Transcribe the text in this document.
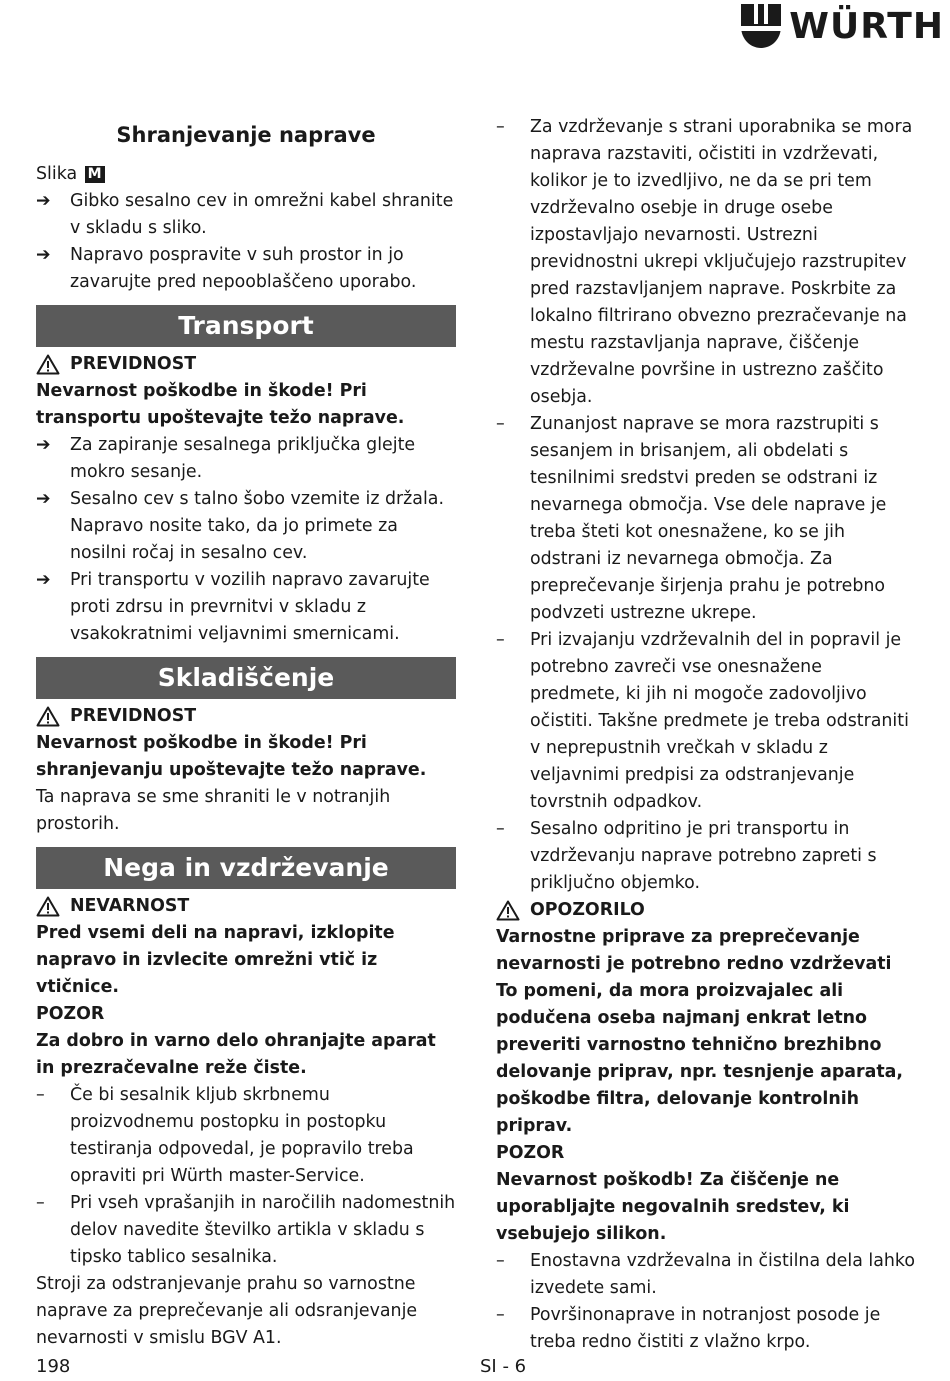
WÜRTH
Shranjevanje naprave
Slika M
➔	Gibko sesalno cev in omrežni kabel shranite v skladu s sliko.
➔	Napravo pospravite v suh prostor in jo zavarujte pred nepooblaščeno uporabo.
Transport
PREVIDNOST
Nevarnost poškodbe in škode! Pri transportu upoštevajte težo naprave.
➔	Za zapiranje sesalnega priključka glejte mokro sesanje.
➔	Sesalno cev s talno šobo vzemite iz držala. Napravo nosite tako, da jo primete za nosilni ročaj in sesalno cev.
➔	Pri transportu v vozilih napravo zavarujte proti zdrsu in prevrnitvi v skladu z vsakokratnimi veljavnimi smernicami.
Skladiščenje
PREVIDNOST
Nevarnost poškodbe in škode! Pri shranjevanju upoštevajte težo naprave.
Ta naprava se sme shraniti le v notranjih prostorih.
Nega in vzdrževanje
NEVARNOST
Pred vsemi deli na napravi, izklopite napravo in izvlecite omrežni vtič iz vtičnice.
POZOR
Za dobro in varno delo ohranjajte aparat in prezračevalne reže čiste.
–	Če bi sesalnik kljub skrbnemu proizvodnemu postopku in postopku testiranja odpovedal, je popravilo treba opraviti pri Würth master-Service.
–	Pri vseh vprašanjih in naročilih nadomestnih delov navedite številko artikla v skladu s tipsko tablico sesalnika.
Stroji za odstranjevanje prahu so varnostne naprave za preprečevanje ali odsranjevanje nevarnosti v smislu BGV A1.
–	Za vzdrževanje s strani uporabnika se mora naprava razstaviti, očistiti in vzdrževati, kolikor je to izvedljivo, ne da se pri tem vzdrževalno osebje in druge osebe izpostavljajo nevarnosti. Ustrezni previdnostni ukrepi vključujejo razstrupitev pred razstavljanjem naprave. Poskrbite za lokalno filtrirano obvezno prezračevanje na mestu razstavljanja naprave, čiščenje vzdrževalne površine in ustrezno zaščito osebja.
–	Zunanjost naprave se mora razstrupiti s sesanjem in brisanjem, ali obdelati s tesnilnimi sredstvi preden se odstrani iz nevarnega območja. Vse dele naprave je treba šteti kot onesnažene, ko se jih odstrani iz nevarnega območja. Za preprečevanje širjenja prahu je potrebno podvzeti ustrezne ukrepe.
–	Pri izvajanju vzdrževalnih del in popravil je potrebno zavreči vse onesnažene predmete, ki jih ni mogoče zadovoljivo očistiti. Takšne predmete je treba odstraniti v neprepustnih vrečkah v skladu z veljavnimi predpisi za odstranjevanje tovrstnih odpadkov.
–	Sesalno odpritino je pri transportu in vzdrževanju naprave potrebno zapreti s priključno objemko.
OPOZORILO
Varnostne priprave za preprečevanje nevarnosti je potrebno redno vzdrževati
To pomeni, da mora proizvajalec ali podučena oseba najmanj enkrat letno preveriti varnostno tehnično brezhibno delovanje priprav, npr. tesnjenje aparata, poškodbe filtra, delovanje kontrolnih priprav.
POZOR
Nevarnost poškodb! Za čiščenje ne uporabljajte negovalnih sredstev, ki vsebujejo silikon.
–	Enostavna vzdrževalna in čistilna dela lahko izvedete sami.
–	Površinonaprave in notranjost posode je treba redno čistiti z vlažno krpo.
198	SI - 6
